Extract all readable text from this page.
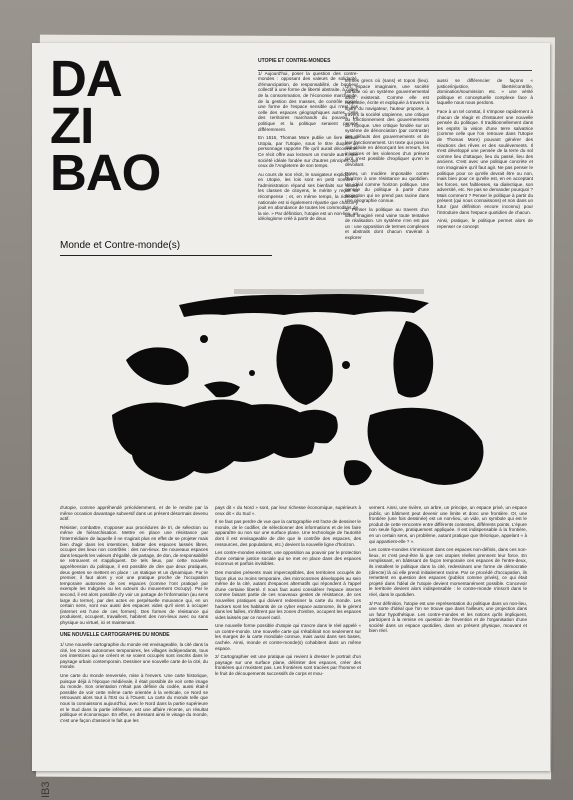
IB3
DA
ZI
BAO
Monde et Contre-monde(s)
UTOPIE ET CONTRE-MONDES

1/ Aujourd'hui, poser la question des contre-mondes : opposant des valeurs de solidarité, d'émancipation, de responsabilité, de bonheur collectif à une forme de liberté abstraite, à celles de la consommation, de l'économie marchande, de la gestion des masses, de contrôle social, une forme de l'espace sensible qui n'est pas celle des espaces géographiques autres, celle des territoires marchands du pouvoir. Le politique et la politique seraient pensés différemment.

En 1516, Thomas More publie un livre intitulé Utopia, par l'Utopie, sous le titre duquel un personnage rapporte l'île qu'il aurait découverte. Ce récit offre aux lecteurs un monde autre, une société idéale fondée sur d'autres principes que ceux de l'Angleterre de son temps.

Au cours de son récit, le navigateur explique : « en Utopie, les lois sont en petit nombre ; l'administration répand ses bienfaits sur toutes les classes de citoyens, le mérite y reçoit sa récompense ; et, en même temps, la richesse nationale est si également répartie que chacun y jouit en abondance de toutes les commodités de la vie. » Par définition, l'utopie est un non-lieu, un idéologisme créé à partir de deux

termes grecs où (sans) et topos (lieu). Un espace imaginaire, une société parfaite où un système gouvernemental idéal existerait. Comme elle est rapportée, écrite et expliquée à travers la figure du navigateur, l'auteur propose, à travers la société utopienne, une critique du fonctionnement des gouvernements de l'époque. Une critique fondée sur un système de dénonciation (par contraste) des défauts des gouvernements et de leur fonctionnement. Un texte qui pose la cité idéale en dénonçant les erreurs, les injustices et les violences d'un présent qu'il n'est possible d'expliquer qu'en le dévoilant.

Poser un modère imposable contre l'horizon à une résistance au quotidien. Un idéal comme horizon politique. Une pensée du politique à partir d'une projection qui ne prend pas racine dans une géographie connue.

2/ Penser la politique au travers d'un idéal imaginé rend vaine toute tentative de réalisation. Un système n'en est pas un : une opposition de termes complexes et abstraits dont chacun s'avérait à explorer

aussi se différencier de façons « justice/injustice, liberté/contrôle, domination/soumission etc. » une vérité politique et conceptuelle complexe face à laquelle nous nous perdons.

Face à un tel constat, il s'impose rapidement à chacun de réagir et d'instaurer une nouvelle pensée du politique. Il traditionnellement dans les esprits la vision d'une terre salvatrice (comme celle que l'on retrouve dans l'Utopie de Thomas More) pouvant générer des réactions des rêves et des soulèvements. Il s'est développé une pensée de la terre du sol comme lieu d'attaque, lieu du passé, lieu des anciens. C'est avec une politique concrète et non imaginaire qu'il faut agir. Ne pas penser le politique pour ce qu'elle devrait être ou non, mais bien pour ce qu'elle est, en en acceptant les forces, ses faiblesses, sa dialectique, son adversité, etc. Ne pas se demander pourquoi ? Mais comment ? Penser le politique à partir du présent (qui nous connaissons) et non dans un futur (par définition encore inconnu) pour l'introduire dans l'espace quotidien de chacun.

Ainsi, pratique, le politique permet alors de repenser ce concept

d'utopie, comme appréhendé précédemment, et de le rendre par la même occasion davantage subversif dans un présent désormais devenu actif.

Résister, combattre, s'opposer aux procédures de tri, de sélection ou même de hiérarchisation. Mettre en place une résistance par l'intermédiaire de laquelle il ne s'agirait plus en effet de se projeter mais bien d'agir dans les interstices, habiter des espaces laissés libres, occuper des lieux non contrôlés : des non-lieux. De nouveaux espaces dans lesquels les valeurs d'égalité, de partage, de don, de responsabilité se retrouvent et s'appliquent. De tels lieux, par cette nouvelle appréhension du politique, il est possible de dire que deux pratiques, deux gestes se mettent en place : un statique et un dynamique. Par le premier, il faut alors y voir une pratique proche de l'occupation temporaire autonome de ces espaces (comme l'ont pratiqué par exemple les Indignés ou les acteurs du mouvement Occupy). Par le second, il est alors possible d'y voir un partage de l'information (au sens large du terme), par des actes en perpétuelle mouvance qui, en un certain sens, sont eux aussi des espaces vides qu'il vient à occuper (internet est l'une de ces formes). Des formes de résistance qui produisent, occupent, travaillent, habitent des non-lieux avec ou sans physique ou virtuel, ici et maintenant.

UNE NOUVELLE CARTOGRAPHIE DU MONDE

1/ Une nouvelle cartographie du monde est envisageable, la cité dans la cité, les zones autonomes temporaires, les villages indépendants, tous ces interstices qui se créent et se voient occupés sont inscrits dans le paysage urbain contemporain. Dessiner une nouvelle carte de la cité, du monde.

Une carte du monde renversée, mise à l'envers. Une carte historique, puisque déjà à l'époque médiévale, il était possible de voir cette image du monde. Son orientation n'était pas définie du codée, aussi était-il possible de voir cette même carte orientée à la verticale, ce Nord se retrouvant alors tout à l'Est ou à l'Ouest. La carte du monde telle que nous la connaissons aujourd'hui, avec le Nord dans la partie supérieure et le Sud dans la partie inférieure, est une affaire récente, un résultat politique et économique. En effet, en dressant ainsi le visage du monde, c'est une façon d'asseoir le fait que les

pays dit « du Nord » sont, par leur richesse économique, supérieurs à ceux dit « du Sud ».

Il ne faut pas perdre de vue que la cartographie est l'acte de dessiner le monde, de le codifier, de sélectionner des informations et de les faire apparaître ou non sur une surface plane. Une technologie de l'autorité dont il est envisageable de dire que le contrôle des espaces, des ressources, des populations, etc.) devient la nouvelle ligne d'horizon.

Les contre-mondes existent, une opposition au pouvoir par le protection d'une certaine justice sociale qui se met en place dans des espaces inconnus et parfois invisibles.

Des mondes présents mais imperceptibles, des territoires occupés de façon plus ou moins temporaire, des microcosmes développés au sein même de la cité, autant d'espaces alternatifs qui répondent à l'appel d'une certaine liberté. Il nous faut aussi considérer l'espace internet comme faisant partie de ces nouveaux gestes de résistance, de ces nouvelles pratiques qui doivent redessiner la carte du monde. Les hackers sont les habitants de ce cyber espace autonome, ils le gèrent dans les failles, s'infiltrent par les zones d'ombre, occupent les espaces vides laissés par ce nouvel outil.

Une nouvelle forme possible d'utopie qui s'ancre dans le réel appelé « un contre-monde. Une nouvelle carte qui s'établirait non seulement sur les marges de la carte mondiale connue, mais aussi dans ses bases, cachée. Ainsi, monde et contre-monde(s) cohabitent dans un même espace.

2/ Cartographier est une pratique qui revient à dresser le portrait d'un paysage sur une surface plane, délimiter des espaces, créer des frontières qui n'existent pas. Les frontières sont tracées par l'homme et le fruit de découpements successifs de corps et mou-

vement. Ainsi, une rivière, un arbre, un principe, un espace privé, un espace public, un bâtiment peut devenir une limite et donc une frontière. Or, une frontière (une fois dessinée) est un non-lieu, un vide, un symbole qui est le produit de cette rencontre entre différents contextes, différents points. L'épure non seule figure, pratiquement appliquée. Il est indispensable à la frontière, en un certain sens, un problème, autant pratique que théorique, appelant « à qui appartient-elle ? ».

Les contre-mondes s'immiscent dans ces espaces non-définis, dans ces non-lieux, et c'est peut-être là que ces utopies réelles prennent leur force. En remplissant, en bâtissant de façon temporaire ces espaces de l'entre-deux, ils installent le politique dans la cité, redessinant une forme de démocratie (directe) là où elle prend initialement racine. Par ce procédé d'occupation, ils remettent en question des espaces (publics comme privés), ce qui était projeté dans l'idéal de l'utopie devient momentanément possible. Concevoir le territoire devient alors indispensable : le contre-monde s'inscrit dans le réel, dans le quotidien.

3/ Par définition, l'utopie est une représentation du politique dans un non-lieu, une sorte d'idéal que l'on ne trouve que dans l'ailleurs, une projection dans un futur hypothétique. Les contre-mondes et les notions qu'ils impliquent, participent à la remise en question de l'invention et de l'organisation d'une société dans un espace quotidien, dans un présent physique, mouvant et bien réel.
